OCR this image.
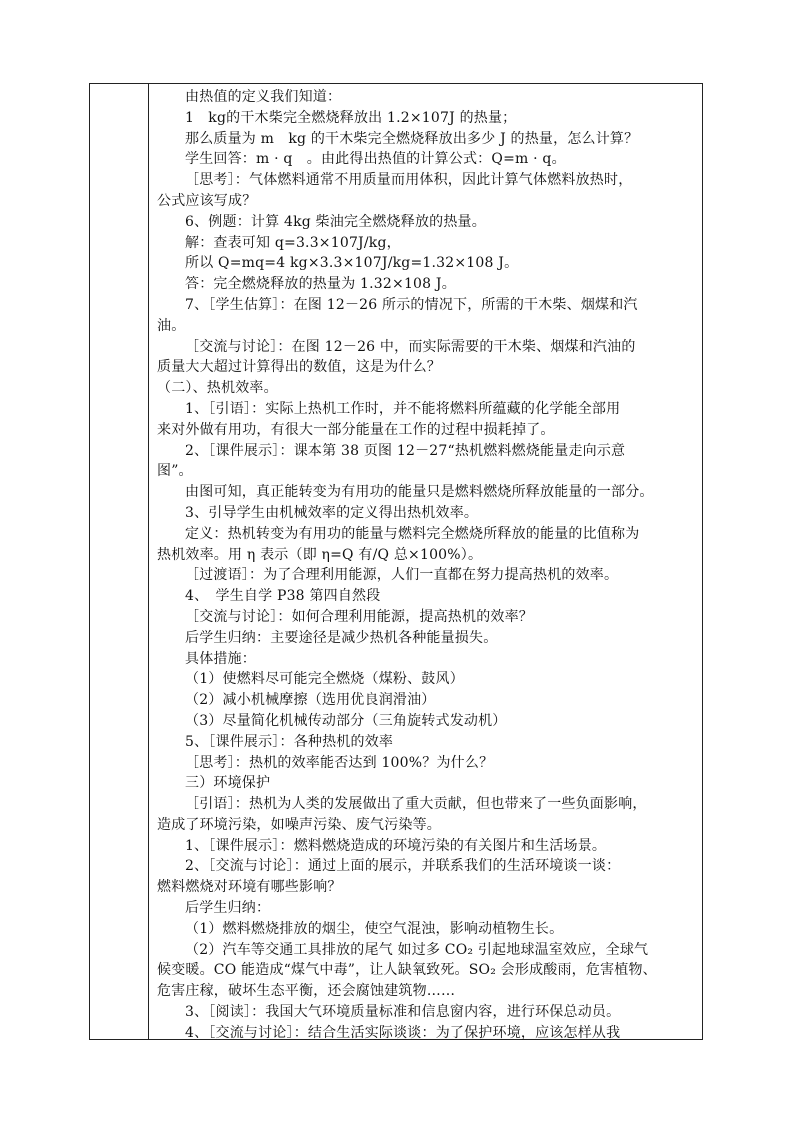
由热值的定义我们知道：

1　kg的干木柴完全燃烧释放出 1.2×107J 的热量；

那么质量为 m　kg 的干木柴完全燃烧释放出多少 J 的热量，怎么计算？

学生回答：m · q　。由此得出热值的计算公式：Q=m · q。

［思考］：气体燃料通常不用质量而用体积，因此计算气体燃料放热时，

公式应该写成？

6、例题：计算 4kg 柴油完全燃烧释放的热量。

解：查表可知 q=3.3×107J/kg，

所以 Q=mq=4 kg×3.3×107J/kg=1.32×108 J。

答：完全燃烧释放的热量为 1.32×108 J。

7、［学生估算］：在图 12－26 所示的情况下，所需的干木柴、烟煤和汽

油。

［交流与讨论］：在图 12－26 中，而实际需要的干木柴、烟煤和汽油的

质量大大超过计算得出的数值，这是为什么？

（二）、热机效率。

1、［引语］：实际上热机工作时，并不能将燃料所蕴藏的化学能全部用

来对外做有用功，有很大一部分能量在工作的过程中损耗掉了。

2、［课件展示］：课本第 38 页图 12－27“热机燃料燃烧能量走向示意

图”。

由图可知，真正能转变为有用功的能量只是燃料燃烧所释放能量的一部分。

3、引导学生由机械效率的定义得出热机效率。

定义：热机转变为有用功的能量与燃料完全燃烧所释放的能量的比值称为

热机效率。用 η 表示（即 η=Q 有/Q 总×100%）。

［过渡语］：为了合理利用能源，人们一直都在努力提高热机的效率。

4、　学生自学 P38 第四自然段

［交流与讨论］：如何合理利用能源，提高热机的效率？

后学生归纳：主要途径是减少热机各种能量损失。

具体措施：

（1）使燃料尽可能完全燃烧（煤粉、鼓风）

（2）减小机械摩擦（选用优良润滑油）

（3）尽量简化机械传动部分（三角旋转式发动机）

5、［课件展示］：各种热机的效率

［思考］：热机的效率能否达到 100%？为什么？

三）环境保护

［引语］：热机为人类的发展做出了重大贡献，但也带来了一些负面影响，

造成了环境污染，如噪声污染、废气污染等。

1、［课件展示］：燃料燃烧造成的环境污染的有关图片和生活场景。

2、［交流与讨论］：通过上面的展示，并联系我们的生活环境谈一谈：

燃料燃烧对环境有哪些影响？

后学生归纳：

（1）燃料燃烧排放的烟尘，使空气混浊，影响动植物生长。

（2）汽车等交通工具排放的尾气 如过多 CO₂ 引起地球温室效应，全球气

候变暖。CO 能造成“煤气中毒”，让人缺氧致死。SO₂ 会形成酸雨，危害植物、

危害庄稼，破坏生态平衡，还会腐蚀建筑物……

3、［阅读］：我国大气环境质量标准和信息窗内容，进行环保总动员。

4、［交流与讨论］：结合生活实际谈谈：为了保护环境，应该怎样从我
